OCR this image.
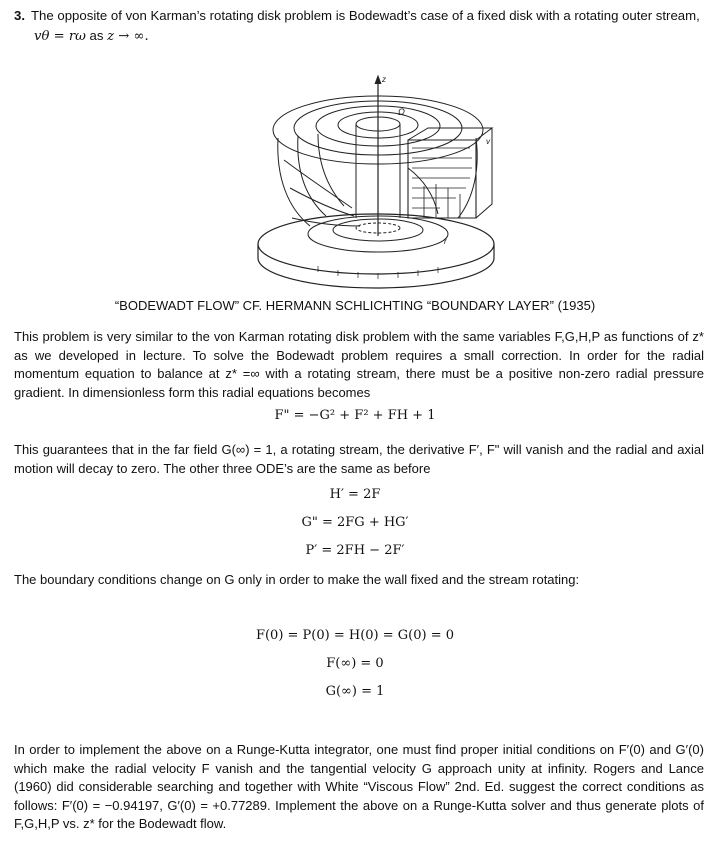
3. The opposite of von Karman’s rotating disk problem is Bodewadt’s case of a fixed disk with a rotating outer stream,
vθ = rω as z → ∞.
Ω
z
r
v
“BODEWADT FLOW” CF. HERMANN SCHLICHTING “BOUNDARY LAYER” (1935)
This problem is very similar to the von Karman rotating disk problem with the same variables F,G,H,P as functions of z* as we developed in lecture. To solve the Bodewadt problem requires a small correction. In order for the radial momentum equation to balance at z* =∞ with a rotating stream, there must be a positive non-zero radial pressure gradient. In dimensionless form this radial equations becomes
F" = −G² + F² + FH + 1
This guarantees that in the far field G(∞) = 1, a rotating stream, the derivative F′, F" will vanish and the radial and axial motion will decay to zero. The other three ODE’s are the same as before
H′ = 2F
G" = 2FG + HG′
P′ = 2FH − 2F′
The boundary conditions change on G only in order to make the wall fixed and the stream rotating:
F(0) = P(0) = H(0) = G(0) = 0
F(∞) = 0
G(∞) = 1
In order to implement the above on a Runge-Kutta integrator, one must find proper initial conditions on F′(0) and G′(0) which make the radial velocity F vanish and the tangential velocity G approach unity at infinity. Rogers and Lance (1960) did considerable searching and together with White “Viscous Flow” 2nd. Ed. suggest the correct conditions as follows: F′(0) = −0.94197, G′(0) = +0.77289. Implement the above on a Runge-Kutta solver and thus generate plots of F,G,H,P vs. z* for the Bodewadt flow.
